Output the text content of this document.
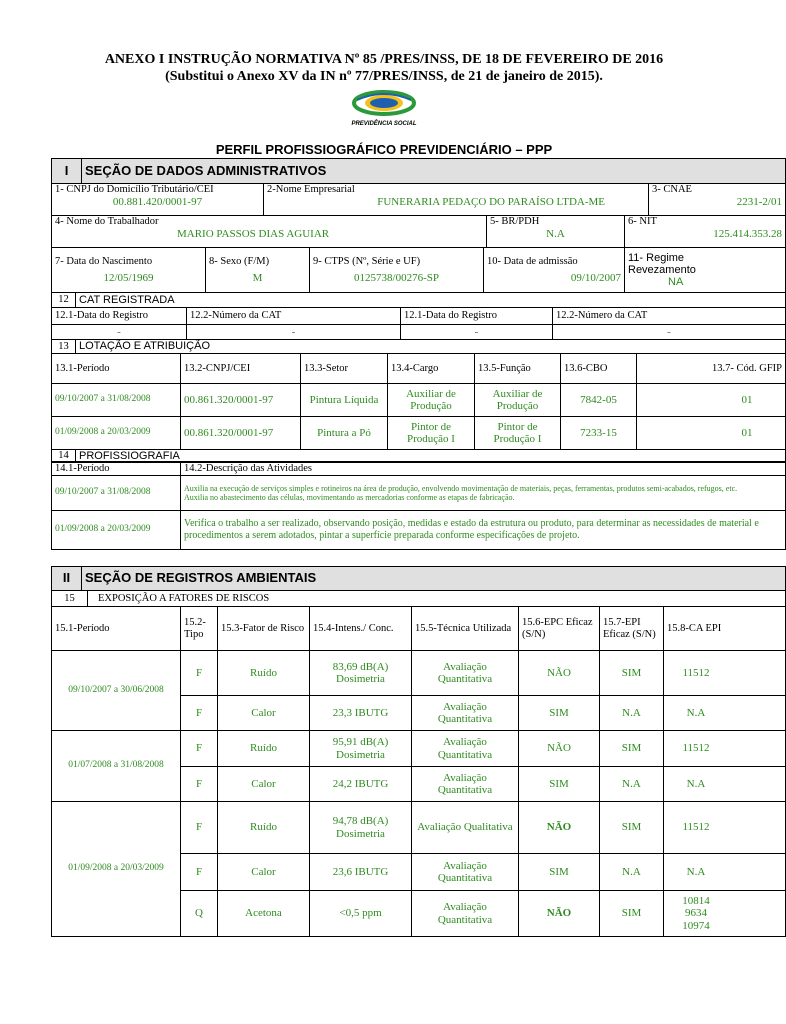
ANEXO I INSTRUÇÃO NORMATIVA Nº 85 /PRES/INSS, DE 18 DE FEVEREIRO DE 2016
(Substitui o Anexo XV da IN nº 77/PRES/INSS, de 21 de janeiro de 2015).
PREVIDÊNCIA SOCIAL
PERFIL PROFISSIOGRÁFICO PREVIDENCIÁRIO – PPP
I	SEÇÃO DE DADOS ADMINISTRATIVOS
1- CNPJ do Domicílio Tributário/CEI
00.881.420/0001-97

2-Nome Empresarial
FUNERARIA PEDAÇO DO PARAÍSO LTDA-ME

3- CNAE
2231-2/01
4- Nome do Trabalhador
MARIO PASSOS DIAS AGUIAR

5- BR/PDH
N.A

6- NIT
125.414.353.28
7- Data do Nascimento
12/05/1969

8- Sexo (F/M)
M

9- CTPS (Nº, Série e UF)
0125738/00276-SP

10- Data de admissão
09/10/2007

11- Regime Revezamento
NA
12	CAT REGISTRADA
12.1-Data do Registro	12.2-Número da CAT	12.1-Data do Registro	12.2-Número da CAT
-	-	-	-
13	LOTAÇÃO E ATRIBUIÇÃO
13.1-Período	13.2-CNPJ/CEI	13.3-Setor	13.4-Cargo	13.5-Função	13.6-CBO	13.7- Cód. GFIP
09/10/2007 a 31/08/2008	00.861.320/0001-97	Pintura Líquida	Auxiliar de Produção	Auxiliar de Produção	7842-05	01
01/09/2008 a 20/03/2009	00.861.320/0001-97	Pintura a Pó	Pintor de Produção I	Pintor de Produção I	7233-15	01
14	PROFISSIOGRAFIA
14.1-Período	14.2-Descrição das Atividades
09/10/2007 a 31/08/2008	Auxilia na execução de serviços simples e rotineiros na área de produção, envolvendo movimentação de materiais, peças, ferramentas, produtos semi-acabados, refugos, etc.
Auxilia no abastecimento das células, movimentando as mercadorias conforme as etapas de fabricação.

01/09/2008 a 20/03/2009	Verifica o trabalho a ser realizado, observando posição, medidas e estado da estrutura ou produto, para determinar as necessidades de material e procedimentos a serem adotados, pintar a superfície preparada conforme especificações de projeto.
II	SEÇÃO DE REGISTROS AMBIENTAIS
15	EXPOSIÇÃO A FATORES DE RISCOS
15.1-Período	15.2-Tipo	15.3-Fator de Risco	15.4-Intens./ Conc.	15.5-Técnica Utilizada	15.6-EPC Eficaz (S/N)	15.7-EPI Eficaz (S/N)	15.8-CA EPI
09/10/2007 a 30/06/2008	F	Ruído	83,69 dB(A) Dosimetria	Avaliação Quantitativa	NÃO	SIM	11512
	F	Calor	23,3 IBUTG	Avaliação Quantitativa	SIM	N.A	N.A
01/07/2008 a 31/08/2008	F	Ruído	95,91 dB(A) Dosimetria	Avaliação Quantitativa	NÃO	SIM	11512
	F	Calor	24,2 IBUTG	Avaliação Quantitativa	SIM	N.A	N.A
01/09/2008 a 20/03/2009	F	Ruído	94,78 dB(A) Dosimetria	Avaliação Qualitativa	NÃO	SIM	11512
	F	Calor	23,6 IBUTG	Avaliação Quantitativa	SIM	N.A	N.A
	Q	Acetona	<0,5 ppm	Avaliação Quantitativa	NÃO	SIM	10814 9634 10974
